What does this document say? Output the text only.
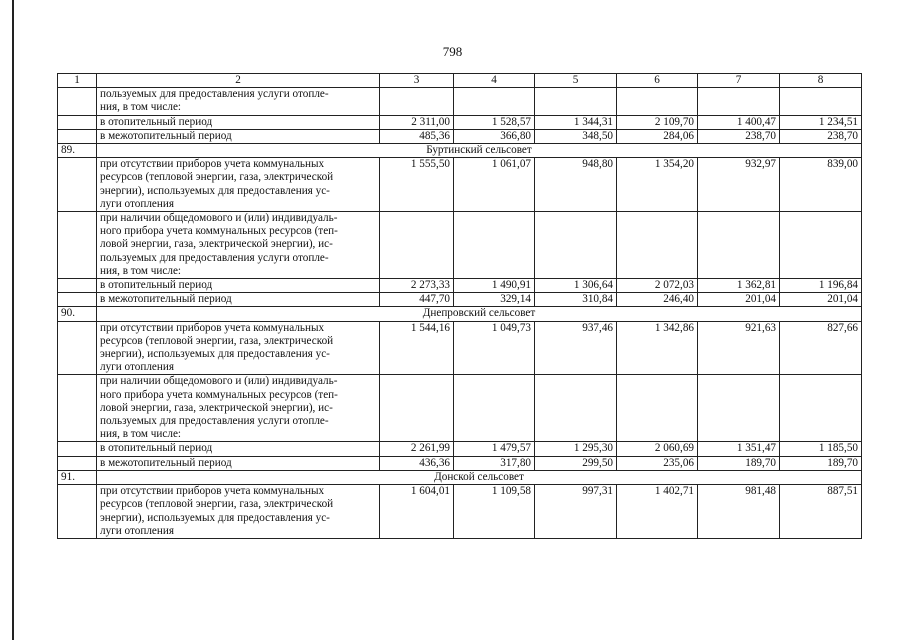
798
1	2	3	4	5	6	7	8
	пользуемых для предоставления услуги отопле-
ния, в том числе:						
	в отопительный период	2 311,00	1 528,57	1 344,31	2 109,70	1 400,47	1 234,51
	в межотопительный период	485,36	366,80	348,50	284,06	238,70	238,70
89.	Буртинский сельсовет						
	при отсутствии приборов учета коммунальных
ресурсов (тепловой энергии, газа, электрической
энергии), используемых для предоставления ус-
луги отопления	1 555,50	1 061,07	948,80	1 354,20	932,97	839,00
	при наличии общедомового и (или) индивидуаль-
ного прибора учета коммунальных ресурсов (теп-
ловой энергии, газа, электрической энергии), ис-
пользуемых для предоставления услуги отопле-
ния, в том числе:						
	в отопительный период	2 273,33	1 490,91	1 306,64	2 072,03	1 362,81	1 196,84
	в межотопительный период	447,70	329,14	310,84	246,40	201,04	201,04
90.	Днепровский сельсовет						
	при отсутствии приборов учета коммунальных
ресурсов (тепловой энергии, газа, электрической
энергии), используемых для предоставления ус-
луги отопления	1 544,16	1 049,73	937,46	1 342,86	921,63	827,66
	при наличии общедомового и (или) индивидуаль-
ного прибора учета коммунальных ресурсов (теп-
ловой энергии, газа, электрической энергии), ис-
пользуемых для предоставления услуги отопле-
ния, в том числе:						
	в отопительный период	2 261,99	1 479,57	1 295,30	2 060,69	1 351,47	1 185,50
	в межотопительный период	436,36	317,80	299,50	235,06	189,70	189,70
91.	Донской сельсовет						
	при отсутствии приборов учета коммунальных
ресурсов (тепловой энергии, газа, электрической
энергии), используемых для предоставления ус-
луги отопления	1 604,01	1 109,58	997,31	1 402,71	981,48	887,51
